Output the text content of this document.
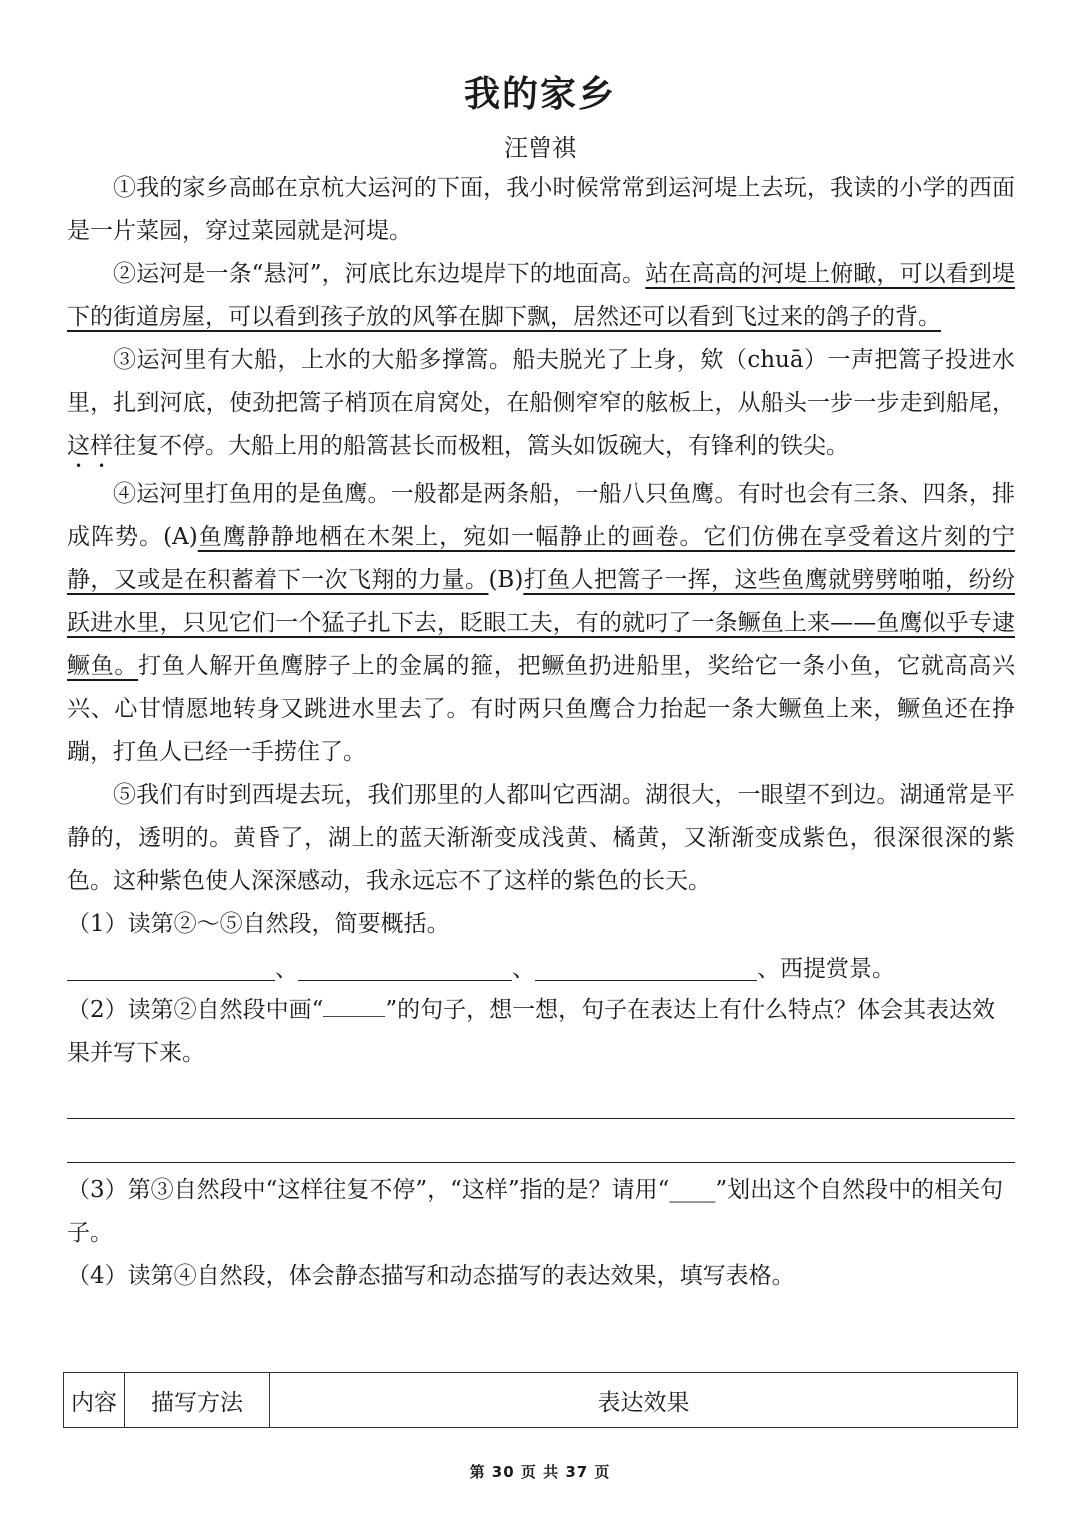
我的家乡
汪曾祺

①我的家乡高邮在京杭大运河的下面，我小时候常常到运河堤上去玩，我读的小学的西面是一片菜园，穿过菜园就是河堤。

②运河是一条“悬河”，河底比东边堤岸下的地面高。站在高高的河堤上俯瞰，可以看到堤下的街道房屋，可以看到孩子放的风筝在脚下飘，居然还可以看到飞过来的鸽子的背。

③运河里有大船，上水的大船多撑篙。船夫脱光了上身，欸（chuā）一声把篙子投进水里，扎到河底，使劲把篙子梢顶在肩窝处，在船侧窄窄的舷板上，从船头一步一步走到船尾，这样往复不停。大船上用的船篙甚长而极粗，篙头如饭碗大，有锋利的铁尖。

④运河里打鱼用的是鱼鹰。一般都是两条船，一船八只鱼鹰。有时也会有三条、四条，排成阵势。(A)鱼鹰静静地栖在木架上，宛如一幅静止的画卷。它们仿佛在享受着这片刻的宁静，又或是在积蓄着下一次飞翔的力量。(B)打鱼人把篙子一挥，这些鱼鹰就劈劈啪啪，纷纷跃进水里，只见它们一个猛子扎下去，眨眼工夫，有的就叼了一条鳜鱼上来——鱼鹰似乎专逮鳜鱼。打鱼人解开鱼鹰脖子上的金属的箍，把鳜鱼扔进船里，奖给它一条小鱼，它就高高兴兴、心甘情愿地转身又跳进水里去了。有时两只鱼鹰合力抬起一条大鳜鱼上来，鳜鱼还在挣蹦，打鱼人已经一手捞住了。

⑤我们有时到西堤去玩，我们那里的人都叫它西湖。湖很大，一眼望不到边。湖通常是平静的，透明的。黄昏了，湖上的蓝天渐渐变成浅黄、橘黄，又渐渐变成紫色，很深很深的紫色。这种紫色使人深深感动，我永远忘不了这样的紫色的长天。

（1）读第②～⑤自然段，简要概括。

、	、	、西提赏景。

（2）读第②自然段中画“	”的句子，想一想，句子在表达上有什么特点？体会其表达效果并写下来。

（3）第③自然段中“这样往复不停”，“这样”指的是？请用“____”划出这个自然段中的相关句子。

（4）读第④自然段，体会静态描写和动态描写的表达效果，填写表格。

内容	描写方法	表达效果
第 30 页 共 37 页
